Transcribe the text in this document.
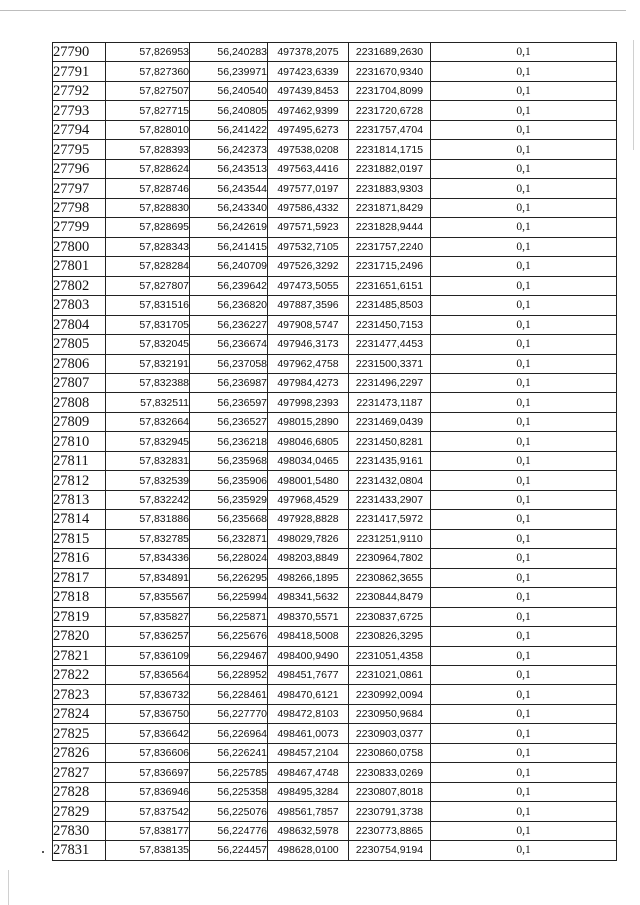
27790	57,826953	56,240283	497378,2075	2231689,2630	0,1
27791	57,827360	56,239971	497423,6339	2231670,9340	0,1
27792	57,827507	56,240540	497439,8453	2231704,8099	0,1
27793	57,827715	56,240805	497462,9399	2231720,6728	0,1
27794	57,828010	56,241422	497495,6273	2231757,4704	0,1
27795	57,828393	56,242373	497538,0208	2231814,1715	0,1
27796	57,828624	56,243513	497563,4416	2231882,0197	0,1
27797	57,828746	56,243544	497577,0197	2231883,9303	0,1
27798	57,828830	56,243340	497586,4332	2231871,8429	0,1
27799	57,828695	56,242619	497571,5923	2231828,9444	0,1
27800	57,828343	56,241415	497532,7105	2231757,2240	0,1
27801	57,828284	56,240709	497526,3292	2231715,2496	0,1
27802	57,827807	56,239642	497473,5055	2231651,6151	0,1
27803	57,831516	56,236820	497887,3596	2231485,8503	0,1
27804	57,831705	56,236227	497908,5747	2231450,7153	0,1
27805	57,832045	56,236674	497946,3173	2231477,4453	0,1
27806	57,832191	56,237058	497962,4758	2231500,3371	0,1
27807	57,832388	56,236987	497984,4273	2231496,2297	0,1
27808	57,832511	56,236597	497998,2393	2231473,1187	0,1
27809	57,832664	56,236527	498015,2890	2231469,0439	0,1
27810	57,832945	56,236218	498046,6805	2231450,8281	0,1
27811	57,832831	56,235968	498034,0465	2231435,9161	0,1
27812	57,832539	56,235906	498001,5480	2231432,0804	0,1
27813	57,832242	56,235929	497968,4529	2231433,2907	0,1
27814	57,831886	56,235668	497928,8828	2231417,5972	0,1
27815	57,832785	56,232871	498029,7826	2231251,9110	0,1
27816	57,834336	56,228024	498203,8849	2230964,7802	0,1
27817	57,834891	56,226295	498266,1895	2230862,3655	0,1
27818	57,835567	56,225994	498341,5632	2230844,8479	0,1
27819	57,835827	56,225871	498370,5571	2230837,6725	0,1
27820	57,836257	56,225676	498418,5008	2230826,3295	0,1
27821	57,836109	56,229467	498400,9490	2231051,4358	0,1
27822	57,836564	56,228952	498451,7677	2231021,0861	0,1
27823	57,836732	56,228461	498470,6121	2230992,0094	0,1
27824	57,836750	56,227770	498472,8103	2230950,9684	0,1
27825	57,836642	56,226964	498461,0073	2230903,0377	0,1
27826	57,836606	56,226241	498457,2104	2230860,0758	0,1
27827	57,836697	56,225785	498467,4748	2230833,0269	0,1
27828	57,836946	56,225358	498495,3284	2230807,8018	0,1
27829	57,837542	56,225076	498561,7857	2230791,3738	0,1
27830	57,838177	56,224776	498632,5978	2230773,8865	0,1
27831	57,838135	56,224457	498628,0100	2230754,9194	0,1
